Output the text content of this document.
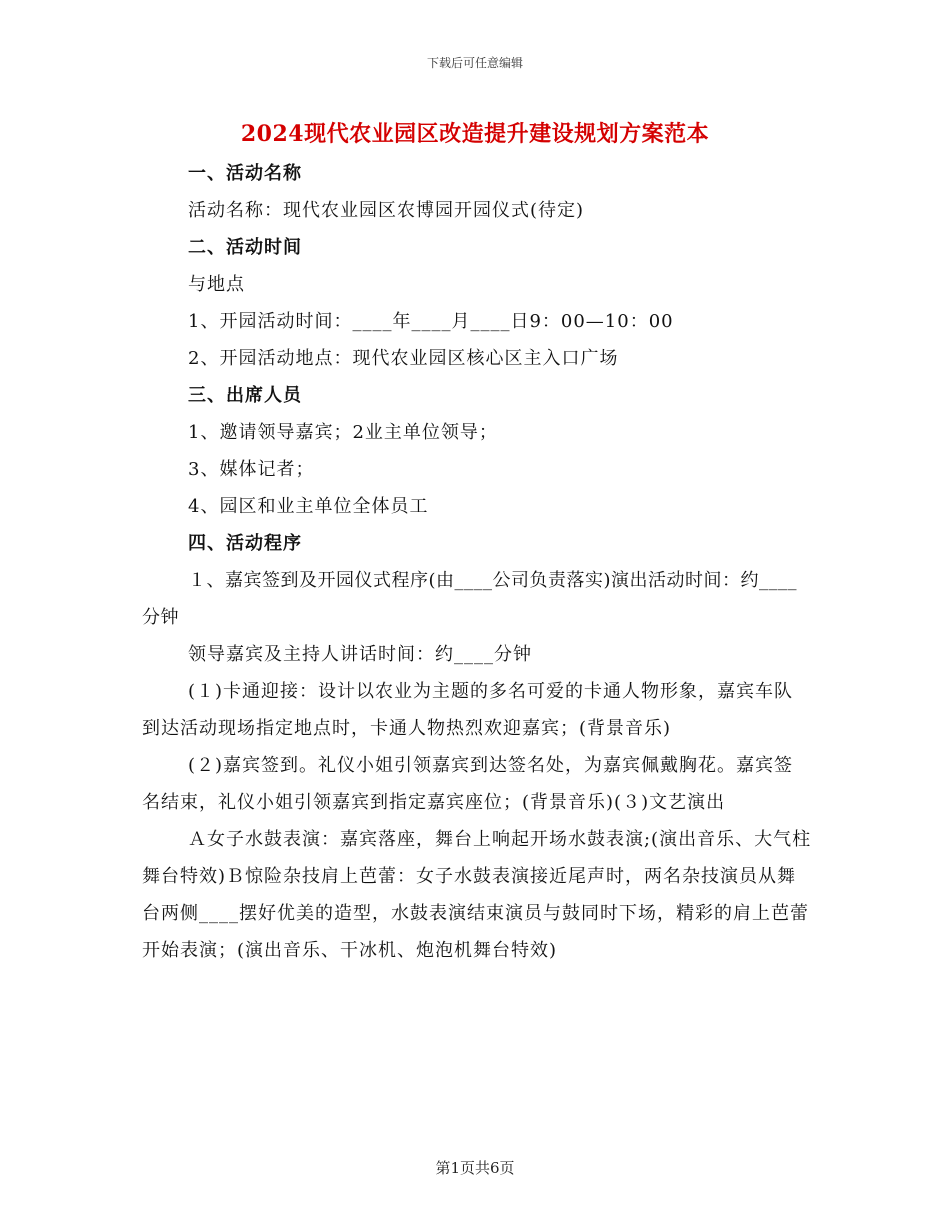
下载后可任意编辑
2024现代农业园区改造提升建设规划方案范本

一、活动名称

活动名称：现代农业园区农博园开园仪式(待定)

二、活动时间

与地点

1、开园活动时间：____年____月____日9：00—10：00

2、开园活动地点：现代农业园区核心区主入口广场

三、出席人员

1、邀请领导嘉宾；2业主单位领导；

3、媒体记者；

4、园区和业主单位全体员工

四、活动程序

１、嘉宾签到及开园仪式程序(由____公司负责落实)演出活动时间：约____分钟

领导嘉宾及主持人讲话时间：约____分钟

(１)卡通迎接：设计以农业为主题的多名可爱的卡通人物形象，嘉宾车队到达活动现场指定地点时，卡通人物热烈欢迎嘉宾；(背景音乐)

(２)嘉宾签到。礼仪小姐引领嘉宾到达签名处，为嘉宾佩戴胸花。嘉宾签名结束，礼仪小姐引领嘉宾到指定嘉宾座位；(背景音乐)(３)文艺演出

Ａ女子水鼓表演：嘉宾落座，舞台上响起开场水鼓表演;(演出音乐、大气柱舞台特效)Ｂ惊险杂技肩上芭蕾：女子水鼓表演接近尾声时，两名杂技演员从舞台两侧____摆好优美的造型，水鼓表演结束演员与鼓同时下场，精彩的肩上芭蕾开始表演；(演出音乐、干冰机、炮泡机舞台特效)

第1页共6页
